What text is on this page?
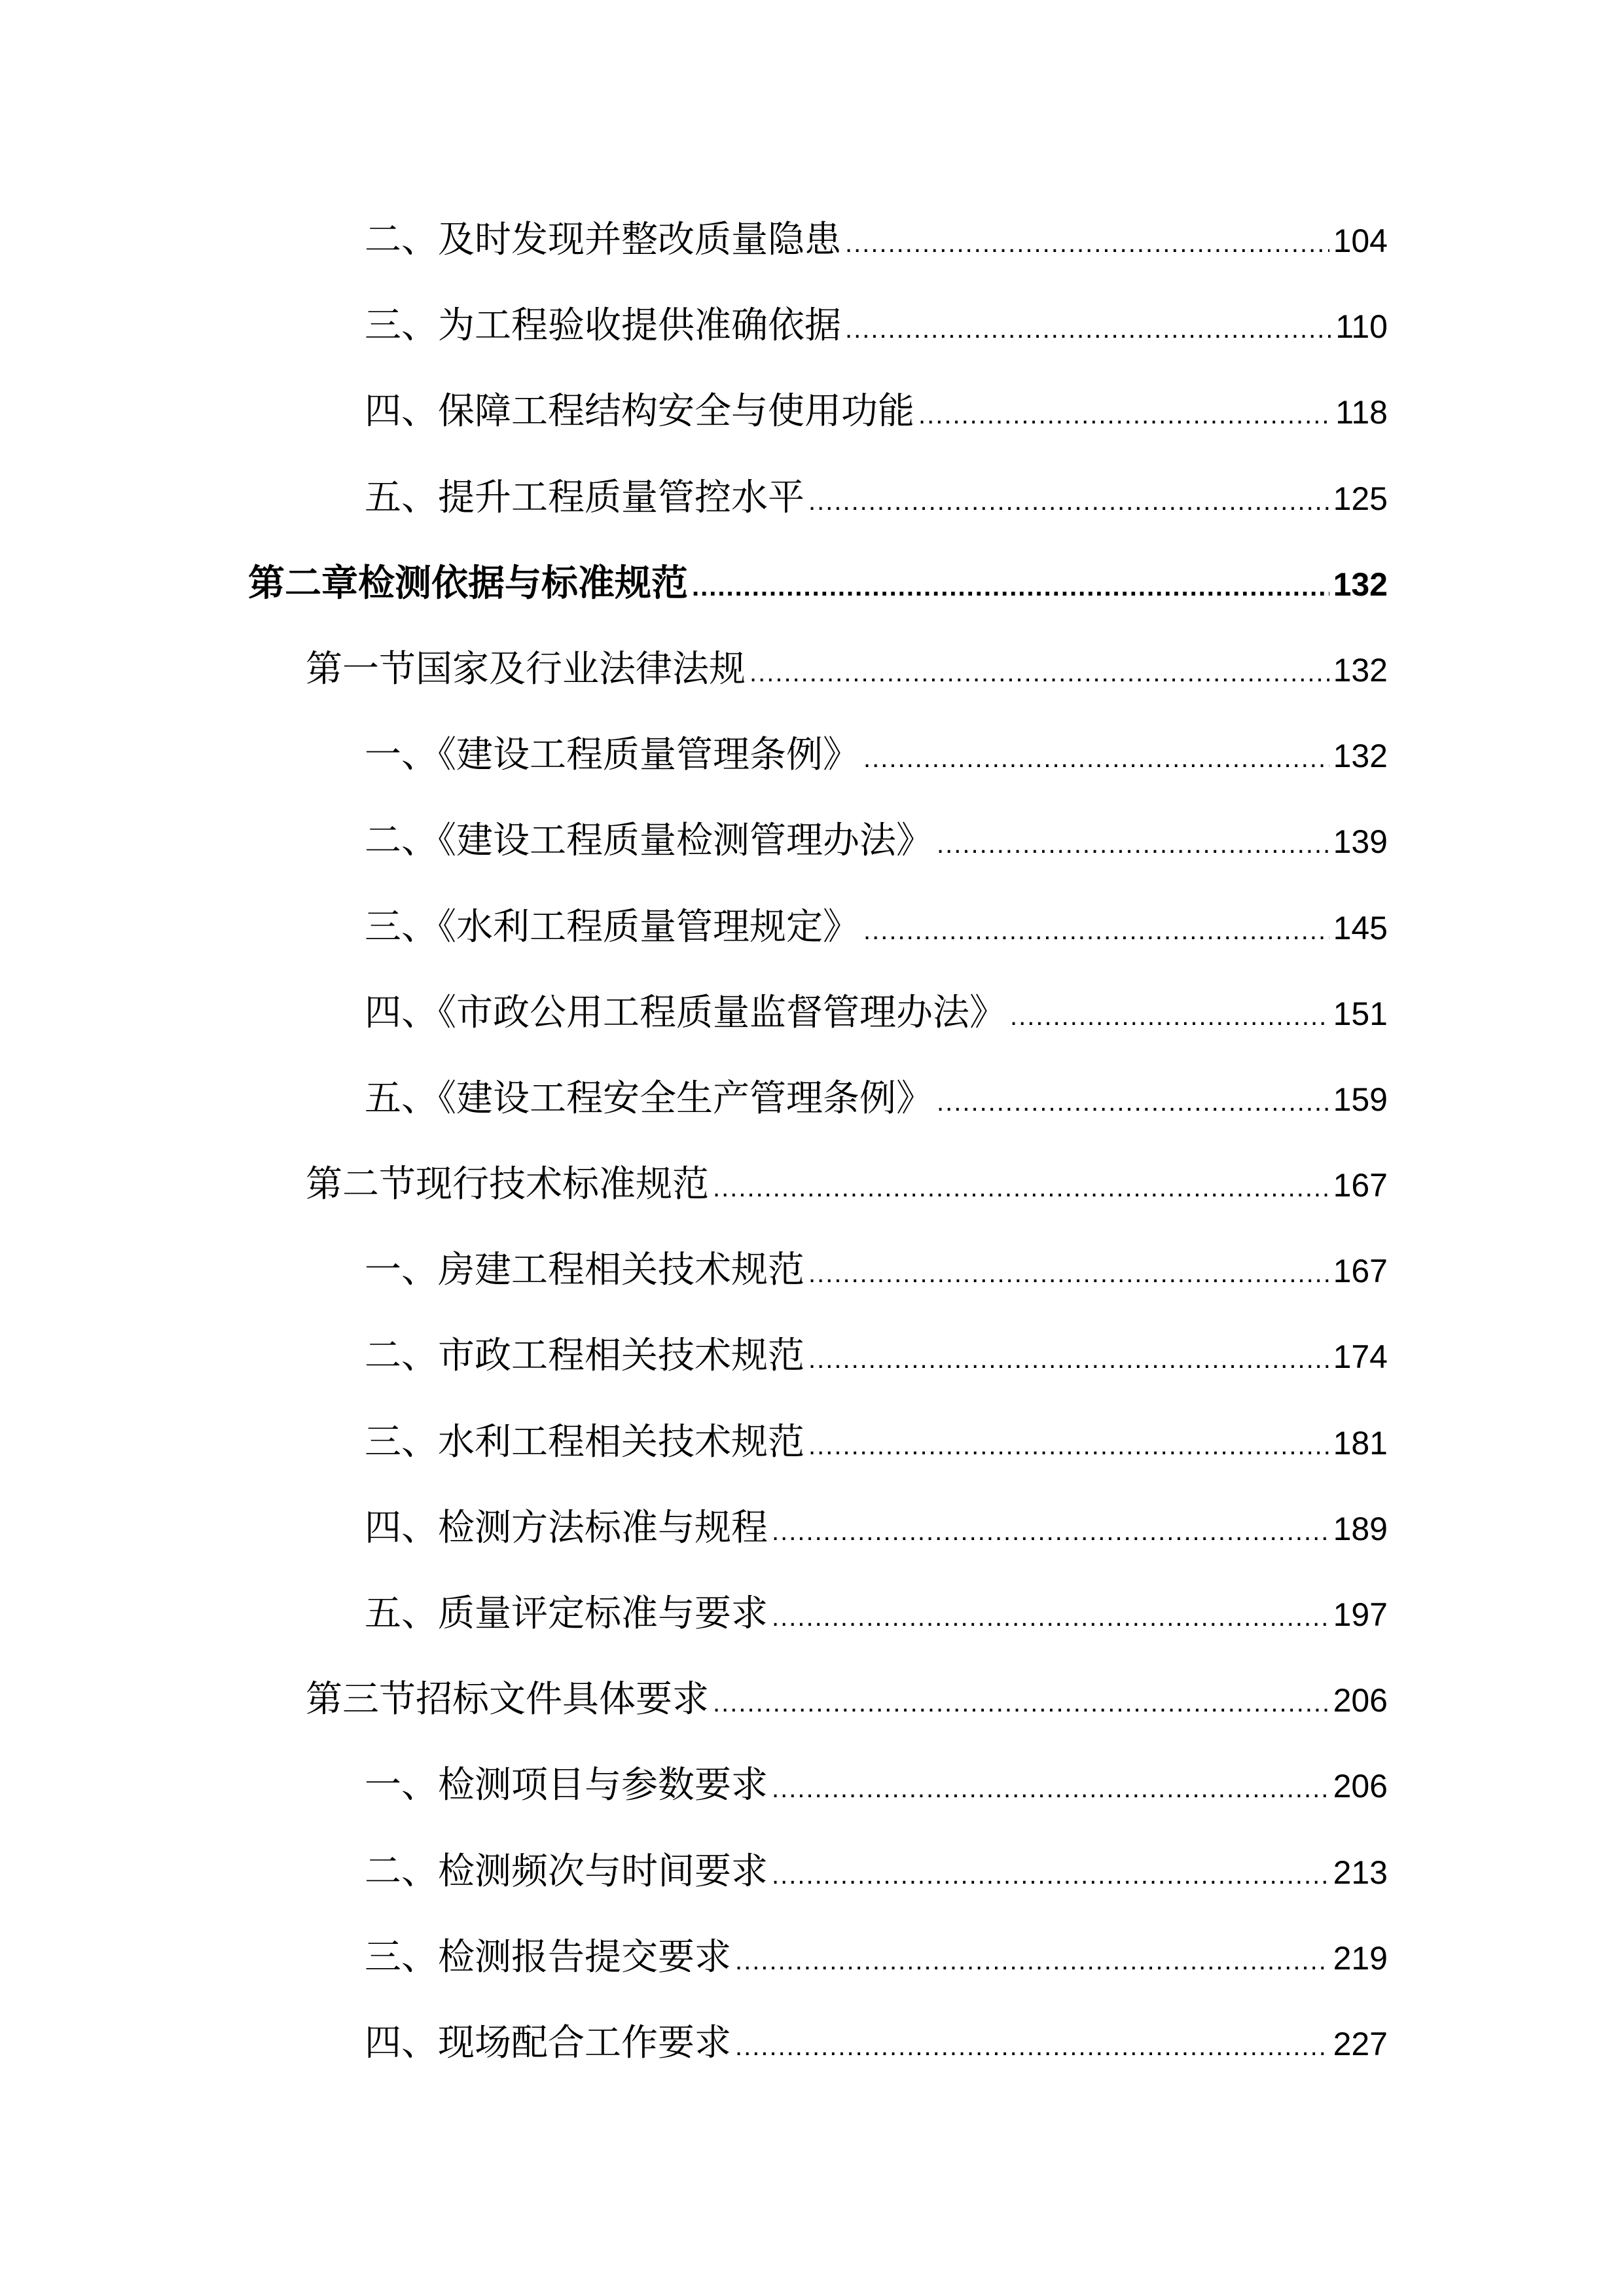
二、及时发现并整改质量隐患 .....	104
三、为工程验收提供准确依据 .....	110
四、保障工程结构安全与使用功能 .....	118
五、提升工程质量管控水平 .....	125
第二章检测依据与标准规范 .....	132
第一节国家及行业法律法规 .....	132
一、《建设工程质量管理条例》 .....	132
二、《建设工程质量检测管理办法》 .....	139
三、《水利工程质量管理规定》 .....	145
四、《市政公用工程质量监督管理办法》 .....	151
五、《建设工程安全生产管理条例》 .....	159
第二节现行技术标准规范 .....	167
一、房建工程相关技术规范 .....	167
二、市政工程相关技术规范 .....	174
三、水利工程相关技术规范 .....	181
四、检测方法标准与规程 .....	189
五、质量评定标准与要求 .....	197
第三节招标文件具体要求 .....	206
一、检测项目与参数要求 .....	206
二、检测频次与时间要求 .....	213
三、检测报告提交要求 .....	219
四、现场配合工作要求 .....	227
